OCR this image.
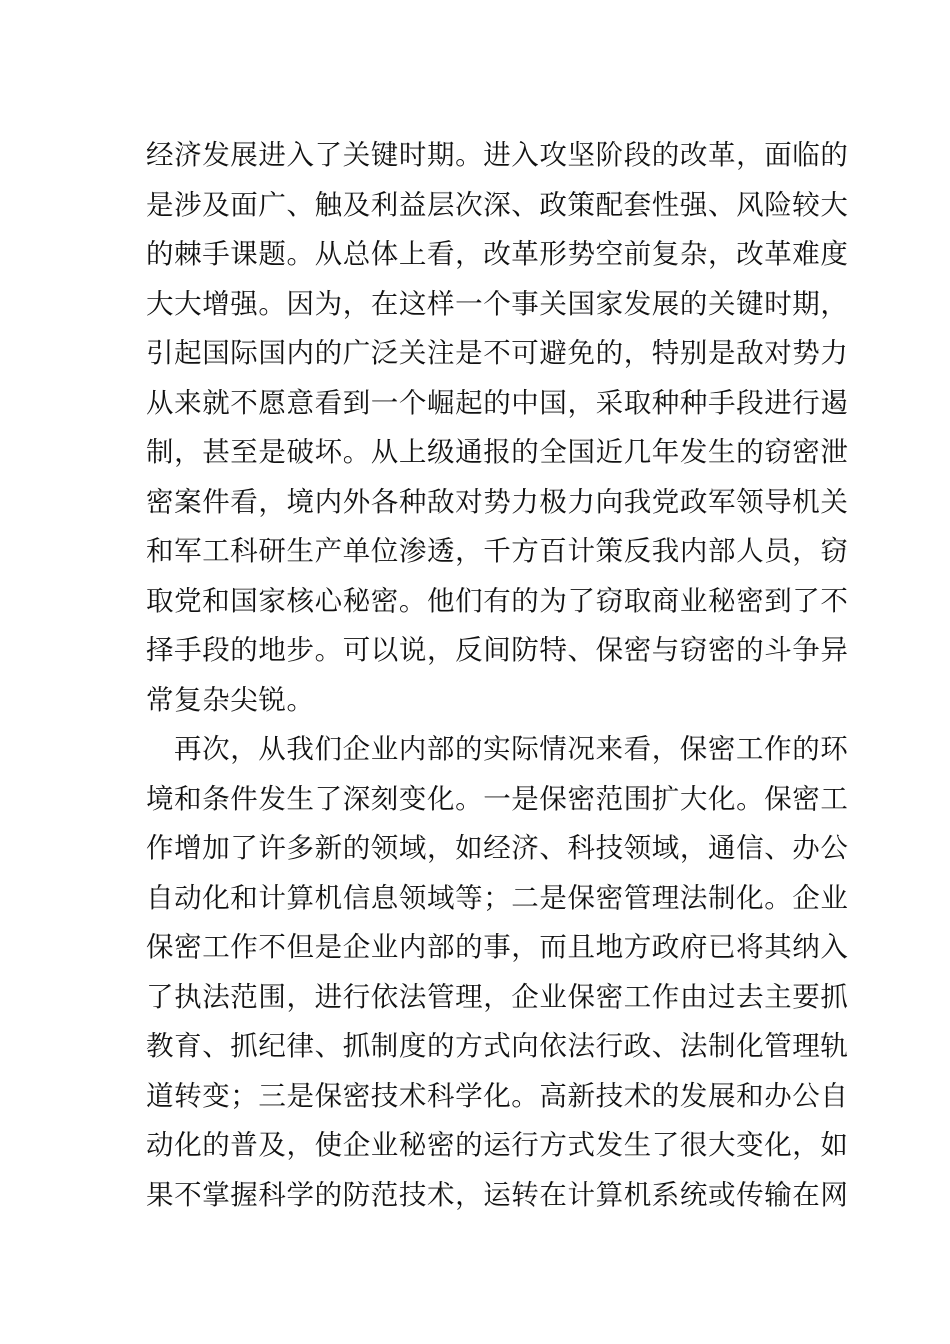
经济发展进入了关键时期。进入攻坚阶段的改革，面临的
是涉及面广、触及利益层次深、政策配套性强、风险较大
的棘手课题。从总体上看，改革形势空前复杂，改革难度
大大增强。因为，在这样一个事关国家发展的关键时期，
引起国际国内的广泛关注是不可避免的，特别是敌对势力
从来就不愿意看到一个崛起的中国，采取种种手段进行遏
制，甚至是破坏。从上级通报的全国近几年发生的窃密泄
密案件看，境内外各种敌对势力极力向我党政军领导机关
和军工科研生产单位渗透，千方百计策反我内部人员，窃
取党和国家核心秘密。他们有的为了窃取商业秘密到了不
择手段的地步。可以说，反间防特、保密与窃密的斗争异
常复杂尖锐。
再次，从我们企业内部的实际情况来看，保密工作的环
境和条件发生了深刻变化。一是保密范围扩大化。保密工
作增加了许多新的领域，如经济、科技领域，通信、办公
自动化和计算机信息领域等；二是保密管理法制化。企业
保密工作不但是企业内部的事，而且地方政府已将其纳入
了执法范围，进行依法管理，企业保密工作由过去主要抓
教育、抓纪律、抓制度的方式向依法行政、法制化管理轨
道转变；三是保密技术科学化。高新技术的发展和办公自
动化的普及，使企业秘密的运行方式发生了很大变化，如
果不掌握科学的防范技术，运转在计算机系统或传输在网
